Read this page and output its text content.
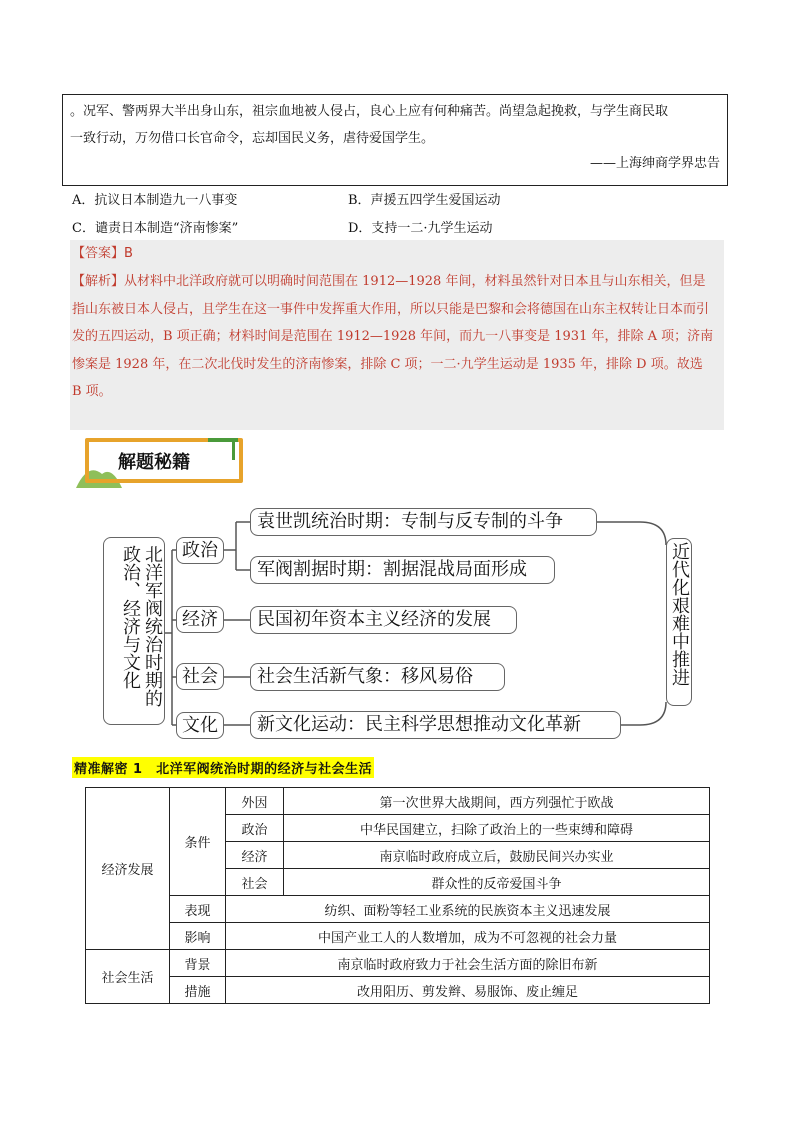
。况军、警两界大半出身山东，祖宗血地被人侵占，良心上应有何种痛苦。尚望急起挽救，与学生商民取
一致行动，万勿借口长官命令，忘却国民义务，虐待爱国学生。
——上海绅商学界忠告
A．抗议日本制造九一八事变	B．声援五四学生爱国运动
C．谴责日本制造“济南惨案”	D．支持一二·九学生运动
【答案】B
【解析】从材料中北洋政府就可以明确时间范围在 1912—1928 年间，材料虽然针对日本且与山东相关，但是指山东被日本人侵占，且学生在这一事件中发挥重大作用，所以只能是巴黎和会将德国在山东主权转让日本而引发的五四运动，B 项正确；材料时间是范围在 1912—1928 年间，而九一八事变是 1931 年，排除 A 项；济南惨案是 1928 年，在二次北伐时发生的济南惨案，排除 C 项；一二·九学生运动是 1935 年，排除 D 项。故选 B 项。
解题秘籍
北洋军阀统治时期的
政治、经济与文化	政治
经济
社会
文化
袁世凯统治时期：专制与反专制的斗争
军阀割据时期：割据混战局面形成
民国初年资本主义经济的发展
社会生活新气象：移风易俗
新文化运动：民主科学思想推动文化革新
近代化艰难中推进
精准解密 1　北洋军阀统治时期的经济与社会生活
经济发展	条件	外因	第一次世界大战期间，西方列强忙于欧战
		政治	中华民国建立，扫除了政治上的一些束缚和障碍
		经济	南京临时政府成立后，鼓励民间兴办实业
		社会	群众性的反帝爱国斗争
	表现	纺织、面粉等轻工业系统的民族资本主义迅速发展	
	影响	中国产业工人的人数增加，成为不可忽视的社会力量	
社会生活	背景	南京临时政府致力于社会生活方面的除旧布新	
	措施	改用阳历、剪发辫、易服饰、废止缠足	
